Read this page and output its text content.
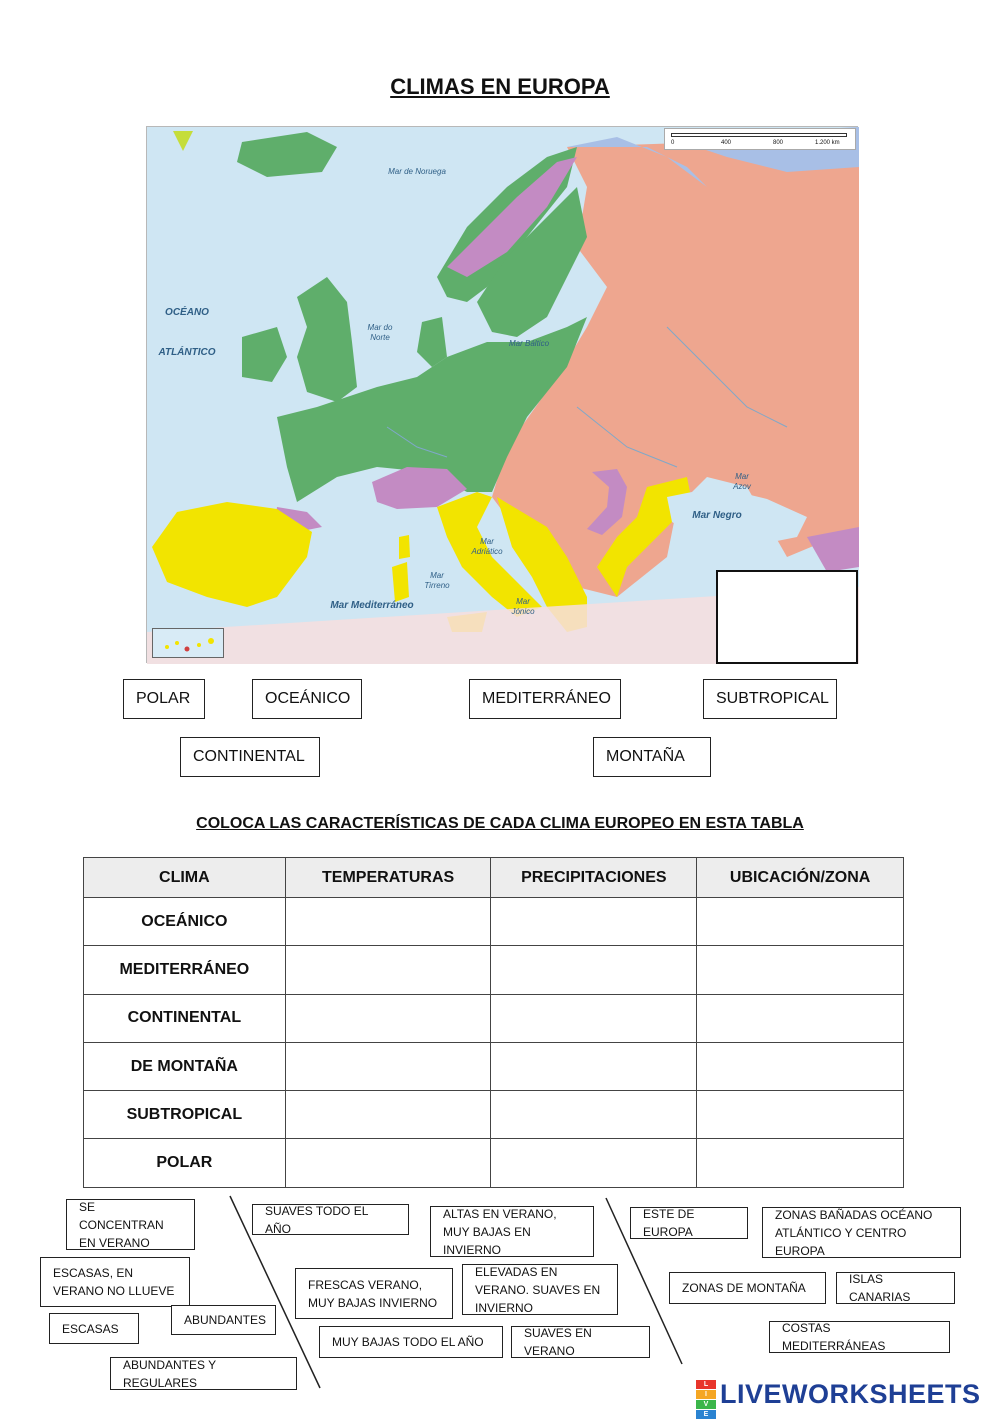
CLIMAS EN EUROPA
Mar de Noruega
OCÉANO
ATLÁNTICO
Mar do Norte
Mar Báltico
Mar Mediterráneo
Mar Tirreno
Mar Adriático
Mar Jónico
Mar Negro
Mar Azov
0	400	800	1.200 km
POLAR	OCEÁNICO	MEDITERRÁNEO	SUBTROPICAL
CONTINENTAL	MONTAÑA
COLOCA LAS CARACTERÍSTICAS DE CADA CLIMA EUROPEO EN ESTA TABLA
CLIMA	TEMPERATURAS	PRECIPITACIONES	UBICACIÓN/ZONA
OCEÁNICO			
MEDITERRÁNEO			
CONTINENTAL			
DE MONTAÑA			
SUBTROPICAL			
POLAR			
SE CONCENTRAN EN VERANO
ESCASAS, EN VERANO NO LLUEVE
ABUNDANTES
ESCASAS
ABUNDANTES Y REGULARES
SUAVES TODO EL AÑO
ALTAS EN VERANO, MUY BAJAS EN INVIERNO
FRESCAS VERANO, MUY BAJAS INVIERNO
ELEVADAS EN VERANO. SUAVES EN INVIERNO
MUY BAJAS TODO EL AÑO
SUAVES EN VERANO
ESTE DE EUROPA
ZONAS BAÑADAS OCÉANO ATLÁNTICO Y CENTRO EUROPA
ZONAS DE MONTAÑA
ISLAS CANARIAS
COSTAS MEDITERRÁNEAS
L
I
V
E
LIVEWORKSHEETS
